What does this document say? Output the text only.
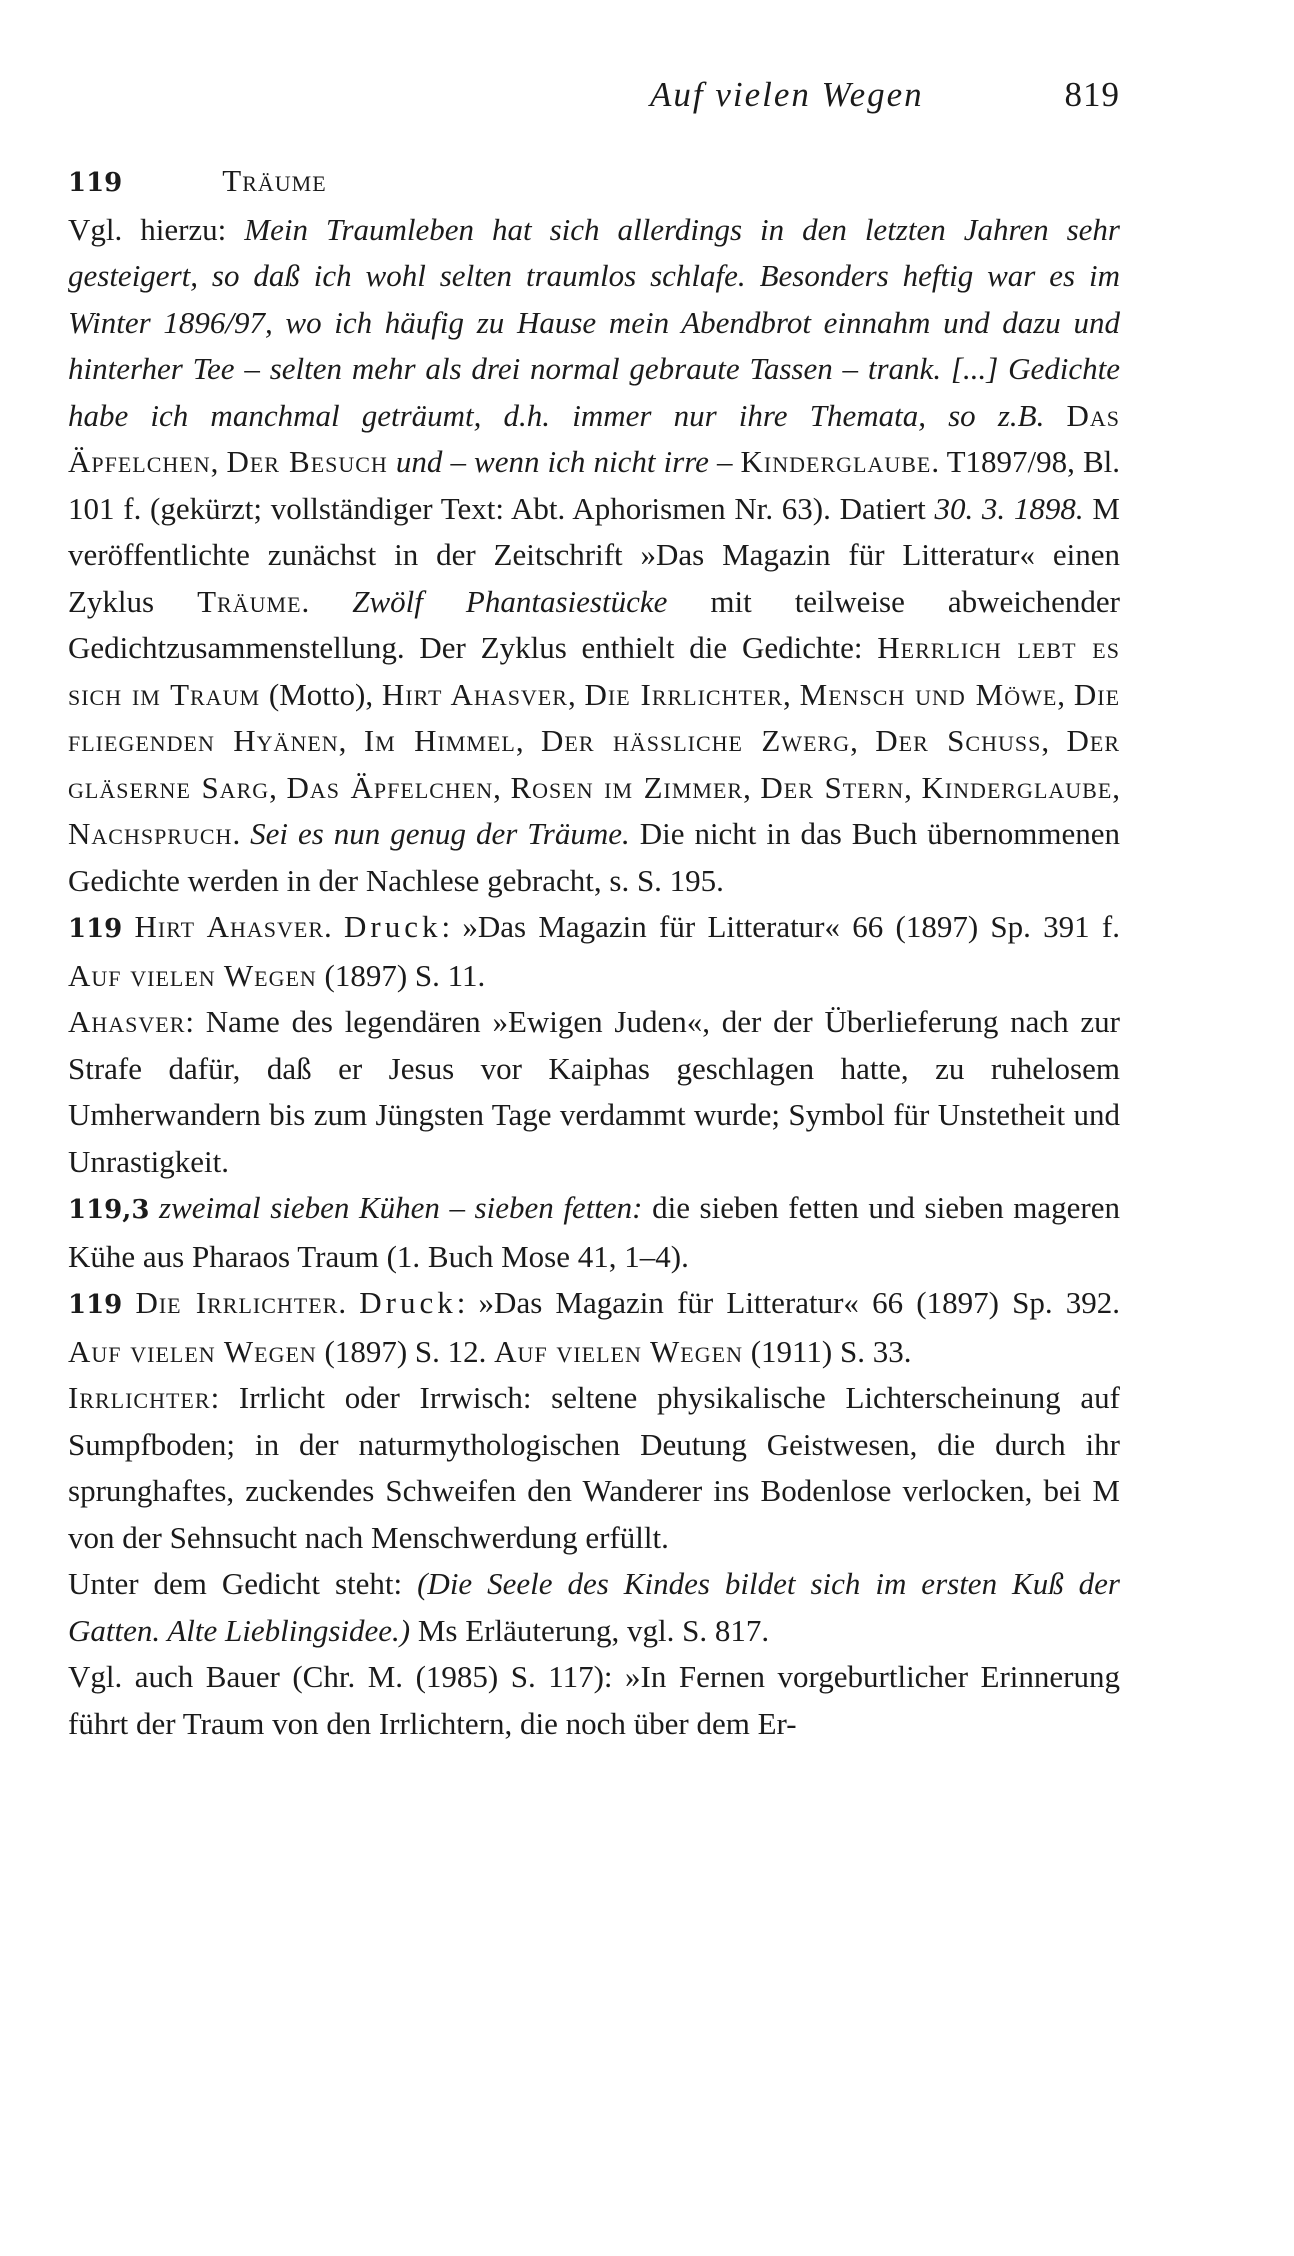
Auf vielen Wegen	819

119	Träume
Vgl. hierzu: Mein Traumleben hat sich allerdings in den letzten Jahren sehr gesteigert, so daß ich wohl selten traumlos schlafe. Besonders heftig war es im Winter 1896/97, wo ich häufig zu Hause mein Abendbrot einnahm und dazu und hinterher Tee – selten mehr als drei normal gebraute Tassen – trank. [...] Gedichte habe ich manchmal geträumt, d.h. immer nur ihre Themata, so z.B. Das Äpfelchen, Der Besuch und – wenn ich nicht irre – Kinderglaube. T1897/98, Bl. 101 f. (gekürzt; vollständiger Text: Abt. Aphorismen Nr. 63). Datiert 30. 3. 1898. M veröffentlichte zunächst in der Zeitschrift »Das Magazin für Litteratur« einen Zyklus Träume. Zwölf Phantasiestücke mit teilweise abweichender Gedichtzusammenstellung. Der Zyklus enthielt die Gedichte: Herrlich lebt es sich im Traum (Motto), Hirt Ahasver, Die Irrlichter, Mensch und Möwe, Die fliegenden Hyänen, Im Himmel, Der hässliche Zwerg, Der Schuss, Der gläserne Sarg, Das Äpfelchen, Rosen im Zimmer, Der Stern, Kinderglaube, Nachspruch. Sei es nun genug der Träume. Die nicht in das Buch übernommenen Gedichte werden in der Nachlese gebracht, s. S. 195.

119 Hirt Ahasver. Druck: »Das Magazin für Litteratur« 66 (1897) Sp. 391 f. Auf vielen Wegen (1897) S. 11.

Ahasver: Name des legendären »Ewigen Juden«, der der Überlieferung nach zur Strafe dafür, daß er Jesus vor Kaiphas geschlagen hatte, zu ruhelosem Umherwandern bis zum Jüngsten Tage verdammt wurde; Symbol für Unstetheit und Unrastigkeit.

119,3 zweimal sieben Kühen – sieben fetten: die sieben fetten und sieben mageren Kühe aus Pharaos Traum (1. Buch Mose 41, 1–4).

119 Die Irrlichter. Druck: »Das Magazin für Litteratur« 66 (1897) Sp. 392. Auf vielen Wegen (1897) S. 12. Auf vielen Wegen (1911) S. 33.

Irrlichter: Irrlicht oder Irrwisch: seltene physikalische Lichterscheinung auf Sumpfboden; in der naturmythologischen Deutung Geistwesen, die durch ihr sprunghaftes, zuckendes Schweifen den Wanderer ins Bodenlose verlocken, bei M von der Sehnsucht nach Menschwerdung erfüllt.

Unter dem Gedicht steht: (Die Seele des Kindes bildet sich im ersten Kuß der Gatten. Alte Lieblingsidee.) Ms Erläuterung, vgl. S. 817.

Vgl. auch Bauer (Chr. M. (1985) S. 117): »In Fernen vorgeburtlicher Erinnerung führt der Traum von den Irrlichtern, die noch über dem Er-
